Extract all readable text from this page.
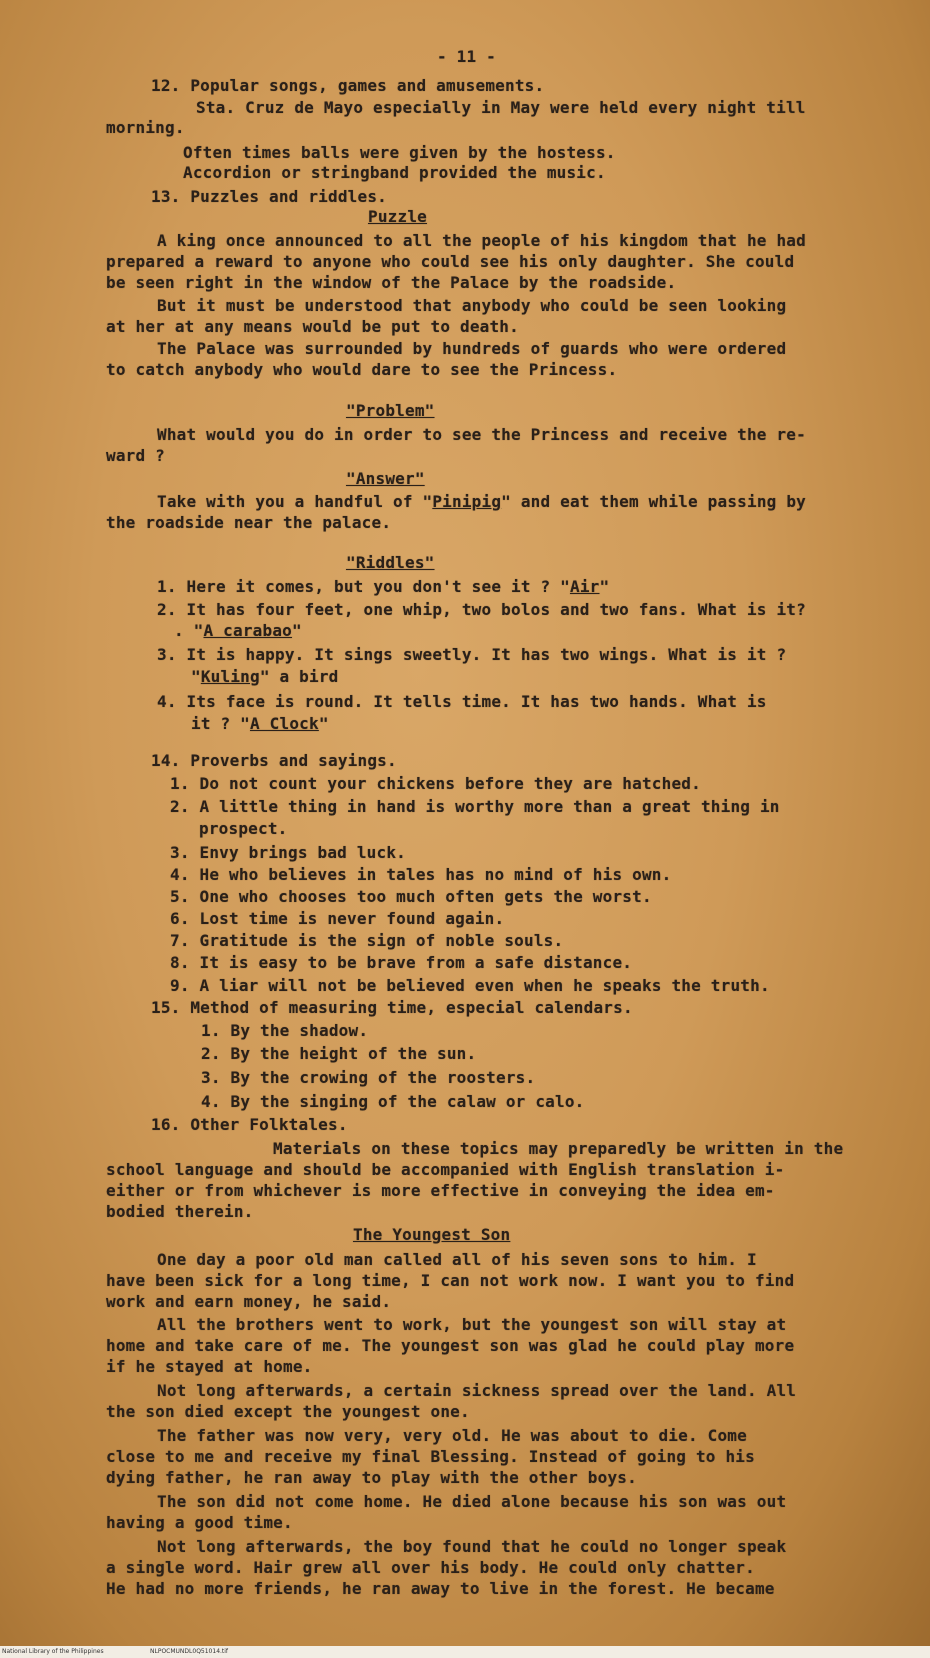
- 11 -
12. Popular songs, games and amusements.
Sta. Cruz de Mayo especially in May were held every night till
morning.
Often times balls were given by the hostess.
Accordion or stringband provided the music.
13. Puzzles and riddles.
Puzzle
A king once announced to all the people of his kingdom that he had
prepared a reward to anyone who could see his only daughter. She could
be seen right in the window of the Palace by the roadside.
But it must be understood that anybody who could be seen looking
at her at any means would be put to death.
The Palace was surrounded by hundreds of guards who were ordered
to catch anybody who would dare to see the Princess.
"Problem"
What would you do in order to see the Princess and receive the re-
ward ?
"Answer"
Take with you a handful of "Pinipig" and eat them while passing by
the roadside near the palace.
"Riddles"
1. Here it comes, but you don't see it ? "Air"
2. It has four feet, one whip, two bolos and two fans. What is it?
. "A carabao"
3. It is happy. It sings sweetly. It has two wings. What is it ?
"Kuling" a bird
4. Its face is round. It tells time. It has two hands. What is
it ? "A Clock"
14. Proverbs and sayings.
1. Do not count your chickens before they are hatched.
2. A little thing in hand is worthy more than a great thing in
prospect.
3. Envy brings bad luck.
4. He who believes in tales has no mind of his own.
5. One who chooses too much often gets the worst.
6. Lost time is never found again.
7. Gratitude is the sign of noble souls.
8. It is easy to be brave from a safe distance.
9. A liar will not be believed even when he speaks the truth.
15. Method of measuring time, especial calendars.
1. By the shadow.
2. By the height of the sun.
3. By the crowing of the roosters.
4. By the singing of the calaw or calo.
16. Other Folktales.
Materials on these topics may preparedly be written in the
school language and should be accompanied with English translation i-
either or from whichever is more effective in conveying the idea em-
bodied therein.
The Youngest Son
One day a poor old man called all of his seven sons to him. I
have been sick for a long time, I can not work now. I want you to find
work and earn money, he said.
All the brothers went to work, but the youngest son will stay at
home and take care of me. The youngest son was glad he could play more
if he stayed at home.
Not long afterwards, a certain sickness spread over the land. All
the son died except the youngest one.
The father was now very, very old. He was about to die. Come
close to me and receive my final Blessing. Instead of going to his
dying father, he ran away to play with the other boys.
The son did not come home. He died alone because his son was out
having a good time.
Not long afterwards, the boy found that he could no longer speak
a single word. Hair grew all over his body. He could only chatter.
He had no more friends, he ran away to live in the forest. He became
National Library of the Philippines	NLPOCMUNDL0Q51014.tif
